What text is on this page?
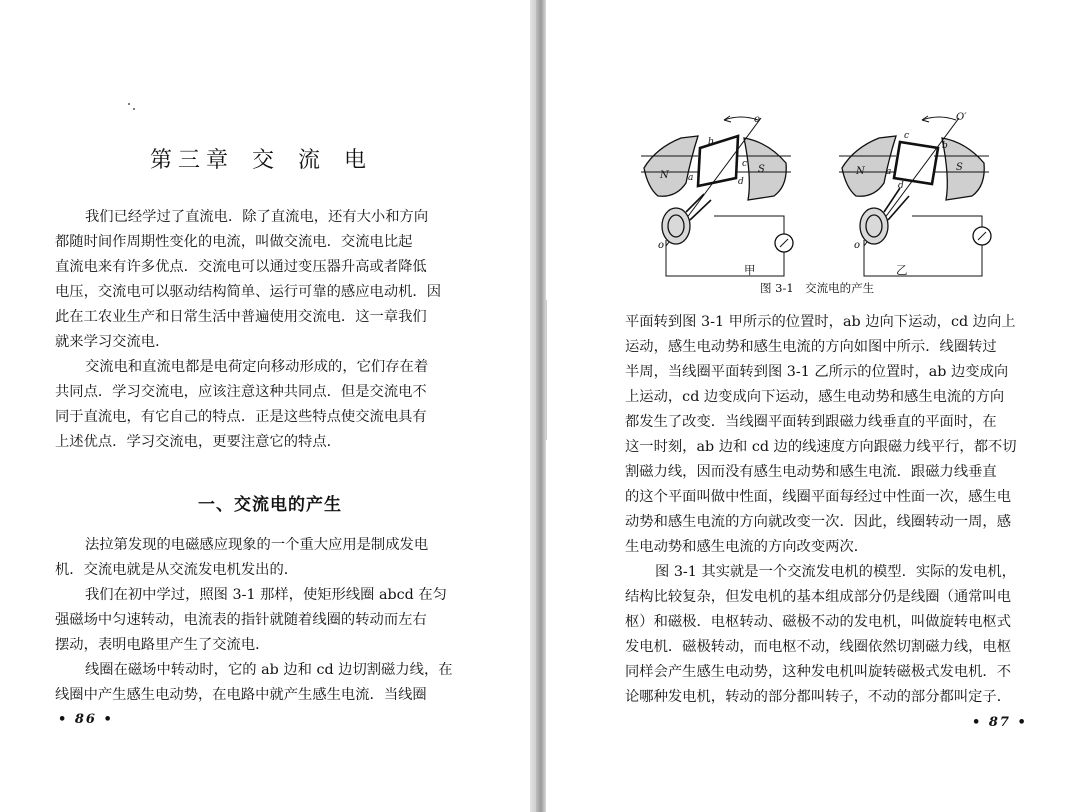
第三章 交 流 电

我们已经学过了直流电．除了直流电，还有大小和方向
都随时间作周期性变化的电流，叫做交流电．交流电比起
直流电来有许多优点．交流电可以通过变压器升高或者降低
电压，交流电可以驱动结构简单、运行可靠的感应电动机．因
此在工农业生产和日常生活中普遍使用交流电．这一章我们
就来学习交流电．

交流电和直流电都是电荷定向移动形成的，它们存在着
共同点．学习交流电，应该注意这种共同点．但是交流电不
同于直流电，有它自己的特点．正是这些特点使交流电具有
上述优点．学习交流电，更要注意它的特点．

一、交流电的产生

法拉第发现的电磁感应现象的一个重大应用是制成发电
机．交流电就是从交流发电机发出的．

我们在初中学过，照图 3-1 那样，使矩形线圈 abcd 在匀
强磁场中匀速转动，电流表的指针就随着线圈的转动而左右
摆动，表明电路里产生了交流电．

线圈在磁场中转动时，它的 ab 边和 cd 边切割磁力线，在
线圈中产生感生电动势，在电路中就产生感生电流．当线圈

• 86 •
o
o
b
a
c
d
N
S
O′
o
c
b
a
d
N	S
甲	乙
图 3-1　交流电的产生

平面转到图 3-1 甲所示的位置时，ab 边向下运动，cd 边向上
运动，感生电动势和感生电流的方向如图中所示．线圈转过
半周，当线圈平面转到图 3-1 乙所示的位置时，ab 边变成向
上运动，cd 边变成向下运动，感生电动势和感生电流的方向
都发生了改变．当线圈平面转到跟磁力线垂直的平面时，在
这一时刻，ab 边和 cd 边的线速度方向跟磁力线平行，都不切
割磁力线，因而没有感生电动势和感生电流．跟磁力线垂直
的这个平面叫做中性面，线圈平面每经过中性面一次，感生电
动势和感生电流的方向就改变一次．因此，线圈转动一周，感
生电动势和感生电流的方向改变两次．

图 3-1 其实就是一个交流发电机的模型．实际的发电机，
结构比较复杂，但发电机的基本组成部分仍是线圈（通常叫电
枢）和磁极．电枢转动、磁极不动的发电机，叫做旋转电枢式
发电机．磁极转动，而电枢不动，线圈依然切割磁力线，电枢
同样会产生感生电动势，这种发电机叫旋转磁极式发电机．不
论哪种发电机，转动的部分都叫转子，不动的部分都叫定子．

• 87 •
